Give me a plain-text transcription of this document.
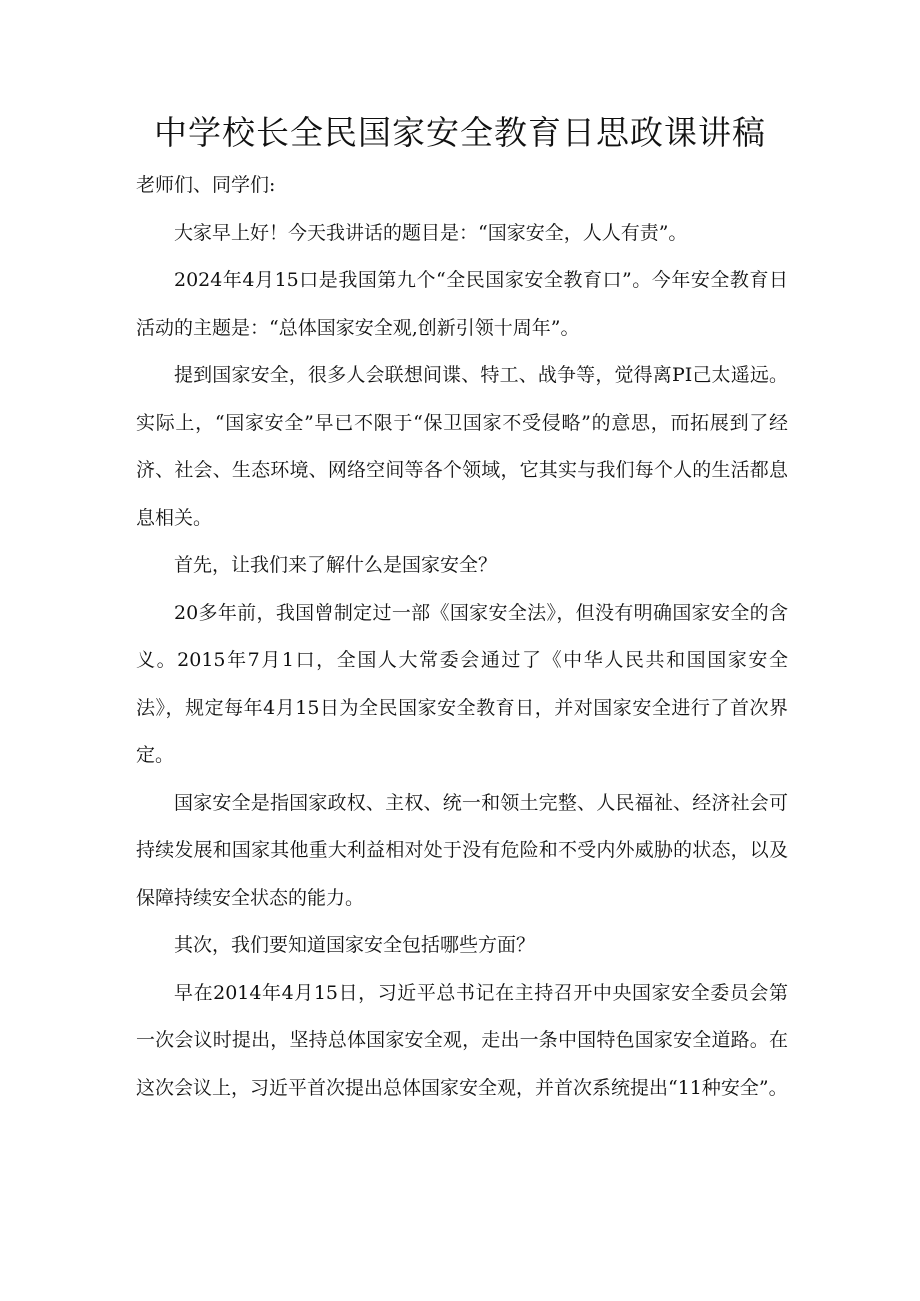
中学校长全民国家安全教育日思政课讲稿

老师们、同学们:

大家早上好！今天我讲话的题目是：“国家安全，人人有责”。

2024年4月15口是我国第九个“全民国家安全教育口”。今年安全教育日活动的主题是：“总体国家安全观,创新引领十周年”。

提到国家安全，很多人会联想间谍、特工、战争等，觉得离PI己太遥远。实际上，“国家安全”早已不限于“保卫国家不受侵略”的意思，而拓展到了经济、社会、生态环境、网络空间等各个领域，它其实与我们每个人的生活都息息相关。

首先，让我们来了解什么是国家安全？

20多年前，我国曾制定过一部《国家安全法》，但没有明确国家安全的含义。2015年7月1口，全国人大常委会通过了《中华人民共和国国家安全法》，规定每年4月15日为全民国家安全教育日，并对国家安全进行了首次界定。

国家安全是指国家政权、主权、统一和领土完整、人民福祉、经济社会可持续发展和国家其他重大利益相对处于没有危险和不受内外威胁的状态，以及保障持续安全状态的能力。

其次，我们要知道国家安全包括哪些方面？

早在2014年4月15日，习近平总书记在主持召开中央国家安全委员会第一次会议时提出，坚持总体国家安全观，走出一条中国特色国家安全道路。在这次会议上，习近平首次提出总体国家安全观，并首次系统提出“11种安全”。
